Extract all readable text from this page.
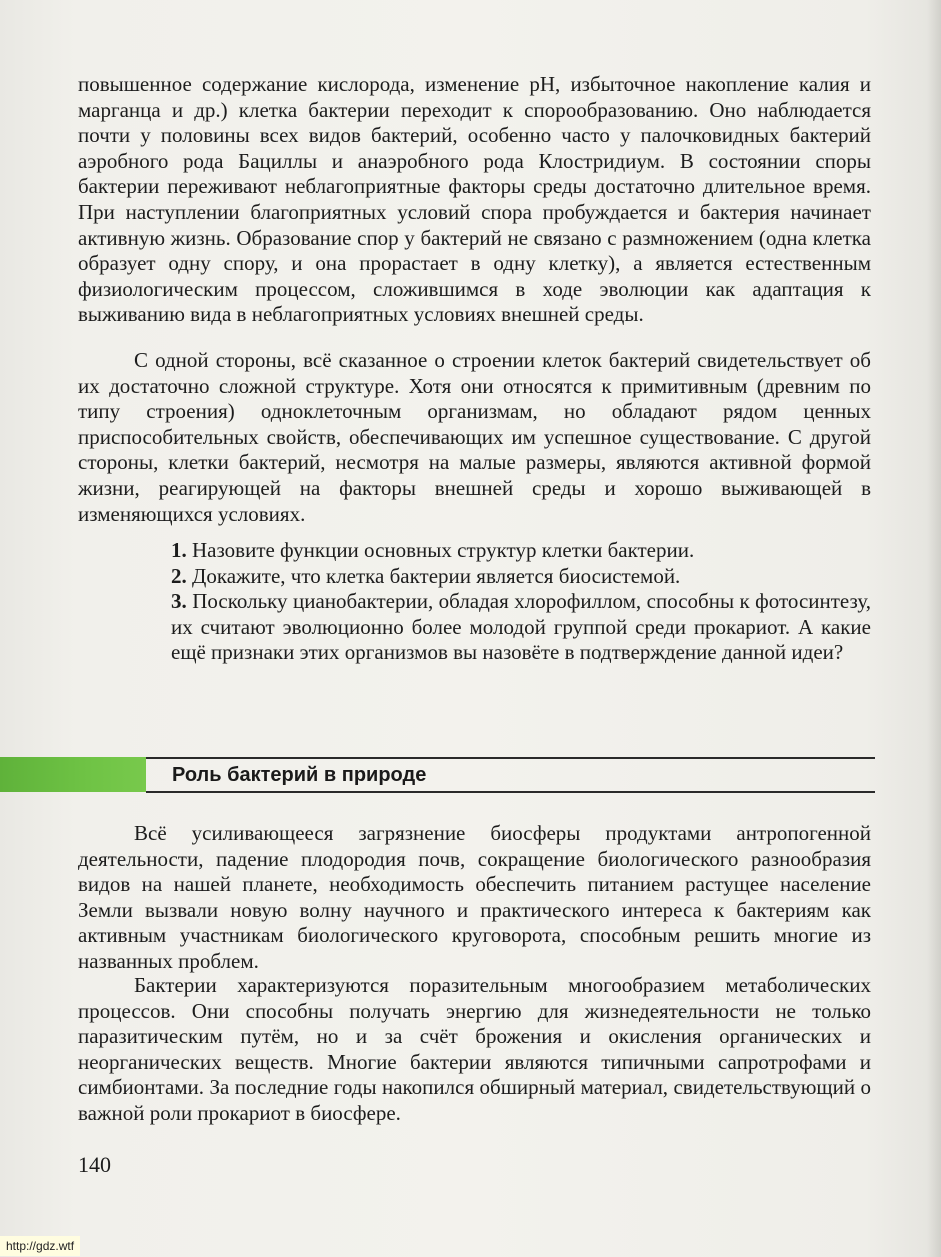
повышенное содержание кислорода, изменение рН, избыточное накопление калия и марганца и др.) клетка бактерии переходит к спорообразованию. Оно наблюдается почти у половины всех видов бактерий, особенно часто у палочковидных бактерий аэробного рода Бациллы и анаэробного рода Клостридиум. В состоянии споры бактерии переживают неблагоприятные факторы среды достаточно длительное время. При наступлении благоприятных условий спора пробуждается и бактерия начинает активную жизнь. Образование спор у бактерий не связано с размножением (одна клетка образует одну спору, и она прорастает в одну клетку), а является естественным физиологическим процессом, сложившимся в ходе эволюции как адаптация к выживанию вида в неблагоприятных условиях внешней среды.

С одной стороны, всё сказанное о строении клеток бактерий свидетельствует об их достаточно сложной структуре. Хотя они относятся к примитивным (древним по типу строения) одноклеточным организмам, но обладают рядом ценных приспособительных свойств, обеспечивающих им успешное существование. С другой стороны, клетки бактерий, несмотря на малые размеры, являются активной формой жизни, реагирующей на факторы внешней среды и хорошо выживающей в изменяющихся условиях.

1. Назовите функции основных структур клетки бактерии.
2. Докажите, что клетка бактерии является биосистемой.
3. Поскольку цианобактерии, обладая хлорофиллом, способны к фотосинтезу, их считают эволюционно более молодой группой среди прокариот. А какие ещё признаки этих организмов вы назовёте в подтверждение данной идеи?
Роль бактерий в природе

Всё усиливающееся загрязнение биосферы продуктами антропогенной деятельности, падение плодородия почв, сокращение биологического разнообразия видов на нашей планете, необходимость обеспечить питанием растущее население Земли вызвали новую волну научного и практического интереса к бактериям как активным участникам биологического круговорота, способным решить многие из названных проблем.

Бактерии характеризуются поразительным многообразием метаболических процессов. Они способны получать энергию для жизнедеятельности не только паразитическим путём, но и за счёт брожения и окисления органических и неорганических веществ. Многие бактерии являются типичными сапротрофами и симбионтами. За последние годы накопился обширный материал, свидетельствующий о важной роли прокариот в биосфере.

140

http://gdz.wtf
